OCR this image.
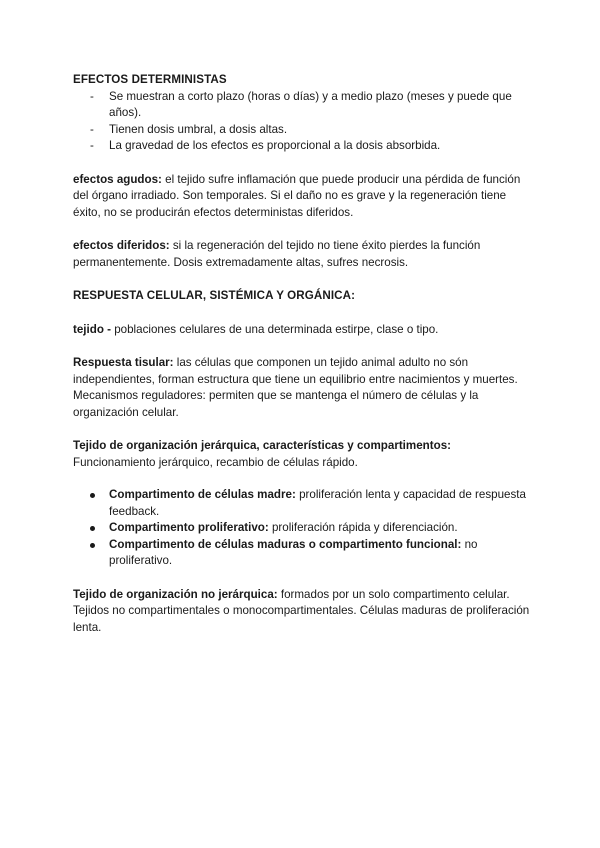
EFECTOS DETERMINISTAS

- Se muestran a corto plazo (horas o días) y a medio plazo (meses y puede que años).
- Tienen dosis umbral, a dosis altas.
- La gravedad de los efectos es proporcional a la dosis absorbida.

efectos agudos: el tejido sufre inflamación que puede producir una pérdida de función del órgano irradiado. Son temporales. Si el daño no es grave y la regeneración tiene éxito, no se producirán efectos deterministas diferidos.

efectos diferidos: si la regeneración del tejido no tiene éxito pierdes la función permanentemente. Dosis extremadamente altas, sufres necrosis.

RESPUESTA CELULAR, SISTÉMICA Y ORGÁNICA:

tejido - poblaciones celulares de una determinada estirpe, clase o tipo.

Respuesta tisular: las células que componen un tejido animal adulto no són independientes, forman estructura que tiene un equilibrio entre nacimientos y muertes. Mecanismos reguladores: permiten que se mantenga el número de células y la organización celular.

Tejido de organización jerárquica, características y compartimentos:
Funcionamiento jerárquico, recambio de células rápido.

Compartimento de células madre: proliferación lenta y capacidad de respuesta feedback.
Compartimento proliferativo: proliferación rápida y diferenciación.
Compartimento de células maduras o compartimento funcional: no proliferativo.

Tejido de organización no jerárquica: formados por un solo compartimento celular. Tejidos no compartimentales o monocompartimentales. Células maduras de proliferación lenta.
